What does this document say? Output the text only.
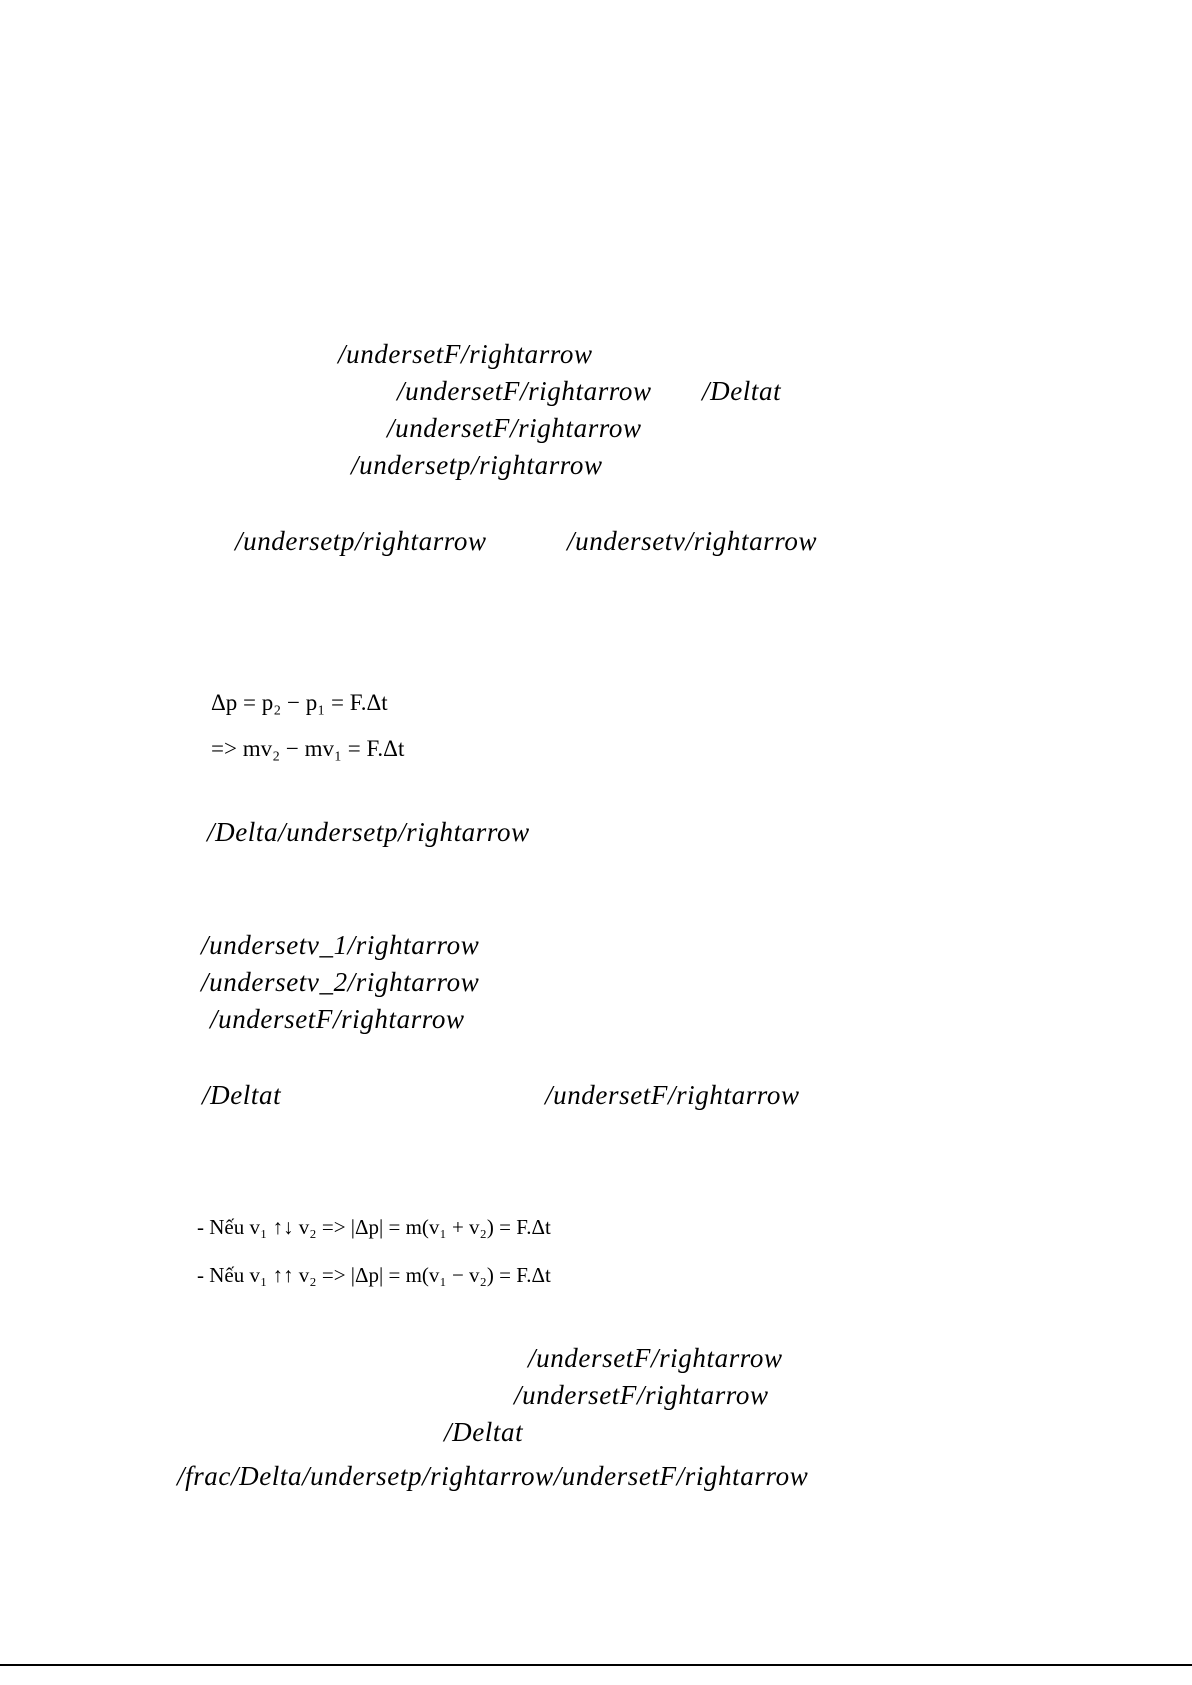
/undersetF/rightarrow
/undersetF/rightarrow /Deltat
/undersetF/rightarrow
/undersetp/rightarrow
/undersetp/rightarrow	/undersetv/rightarrow
Δp = p₂ − p₁ = F.Δt
=> mv₂ − mv₁ = F.Δt
/Delta/undersetp/rightarrow
/undersetv_1/rightarrow
/undersetv_2/rightarrow
/undersetF/rightarrow
/Deltat	/undersetF/rightarrow
- Nếu v₁ ↑↓ v₂ => |Δp| = m(v₁ + v₂) = F.Δt
- Nếu v₁ ↑↑ v₂ => |Δp| = m(v₁ − v₂) = F.Δt
/undersetF/rightarrow
/undersetF/rightarrow
/Deltat
/frac/Delta/undersetp/rightarrow/undersetF/rightarrow
